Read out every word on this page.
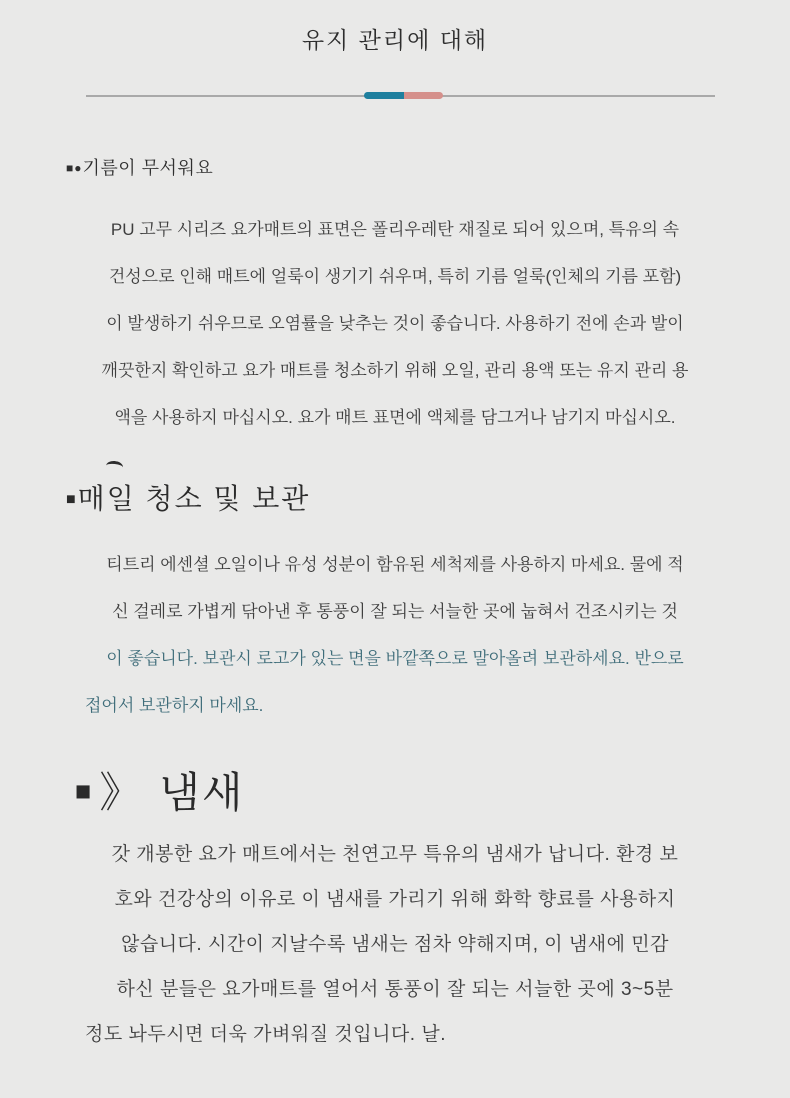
유지 관리에 대해
■●기름이 무서워요
PU 고무 시리즈 요가매트의 표면은 폴리우레탄 재질로 되어 있으며, 특유의 속
건성으로 인해 매트에 얼룩이 생기기 쉬우며, 특히 기름 얼룩(인체의 기름 포함)
이 발생하기 쉬우므로 오염률을 낮추는 것이 좋습니다. 사용하기 전에 손과 발이
깨끗한지 확인하고 요가 매트를 청소하기 위해 오일, 관리 용액 또는 유지 관리 용
액을 사용하지 마십시오. 요가 매트 표면에 액체를 담그거나 남기지 마십시오.
■매일 청소 및 보관
티트리 에센셜 오일이나 유성 성분이 함유된 세척제를 사용하지 마세요. 물에 적
신 걸레로 가볍게 닦아낸 후 통풍이 잘 되는 서늘한 곳에 눕혀서 건조시키는 것
이 좋습니다. 보관시 로고가 있는 면을 바깥쪽으로 말아올려 보관하세요. 반으로
접어서 보관하지 마세요.
■ 》 냄새
갓 개봉한 요가 매트에서는 천연고무 특유의 냄새가 납니다. 환경 보
호와 건강상의 이유로 이 냄새를 가리기 위해 화학 향료를 사용하지
않습니다. 시간이 지날수록 냄새는 점차 약해지며, 이 냄새에 민감
하신 분들은 요가매트를 열어서 통풍이 잘 되는 서늘한 곳에 3~5분
정도 놔두시면 더욱 가벼워질 것입니다. 날.
